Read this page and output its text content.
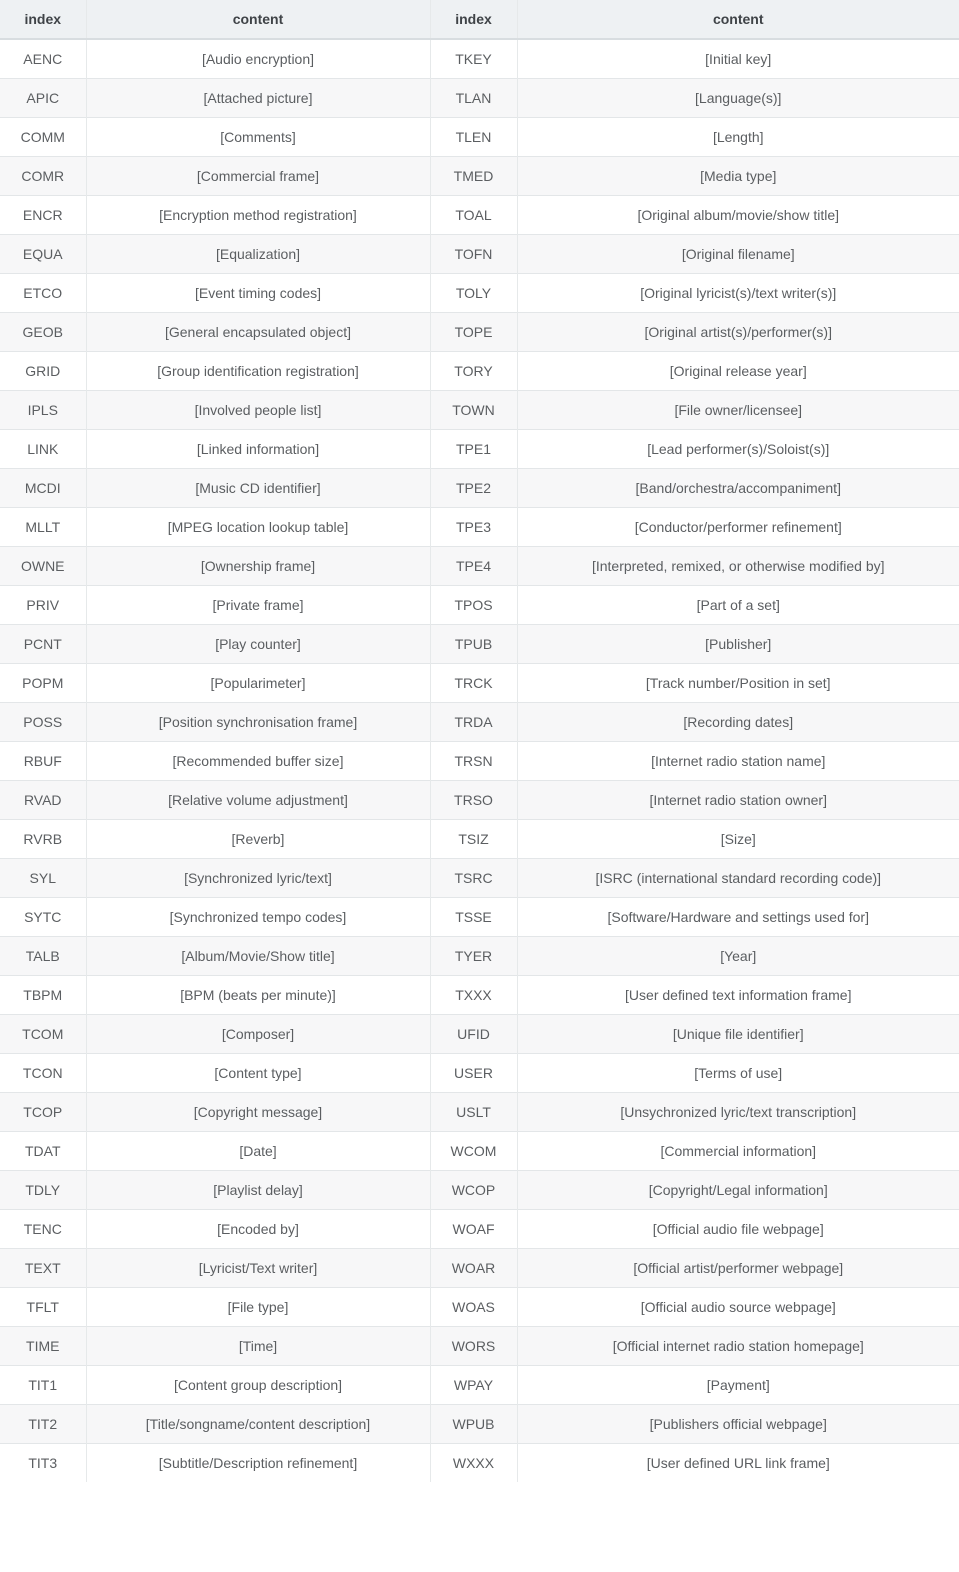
index	content	index	content
AENC	[Audio encryption]	TKEY	[Initial key]
APIC	[Attached picture]	TLAN	[Language(s)]
COMM	[Comments]	TLEN	[Length]
COMR	[Commercial frame]	TMED	[Media type]
ENCR	[Encryption method registration]	TOAL	[Original album/movie/show title]
EQUA	[Equalization]	TOFN	[Original filename]
ETCO	[Event timing codes]	TOLY	[Original lyricist(s)/text writer(s)]
GEOB	[General encapsulated object]	TOPE	[Original artist(s)/performer(s)]
GRID	[Group identification registration]	TORY	[Original release year]
IPLS	[Involved people list]	TOWN	[File owner/licensee]
LINK	[Linked information]	TPE1	[Lead performer(s)/Soloist(s)]
MCDI	[Music CD identifier]	TPE2	[Band/orchestra/accompaniment]
MLLT	[MPEG location lookup table]	TPE3	[Conductor/performer refinement]
OWNE	[Ownership frame]	TPE4	[Interpreted, remixed, or otherwise modified by]
PRIV	[Private frame]	TPOS	[Part of a set]
PCNT	[Play counter]	TPUB	[Publisher]
POPM	[Popularimeter]	TRCK	[Track number/Position in set]
POSS	[Position synchronisation frame]	TRDA	[Recording dates]
RBUF	[Recommended buffer size]	TRSN	[Internet radio station name]
RVAD	[Relative volume adjustment]	TRSO	[Internet radio station owner]
RVRB	[Reverb]	TSIZ	[Size]
SYL	[Synchronized lyric/text]	TSRC	[ISRC (international standard recording code)]
SYTC	[Synchronized tempo codes]	TSSE	[Software/Hardware and settings used for]
TALB	[Album/Movie/Show title]	TYER	[Year]
TBPM	[BPM (beats per minute)]	TXXX	[User defined text information frame]
TCOM	[Composer]	UFID	[Unique file identifier]
TCON	[Content type]	USER	[Terms of use]
TCOP	[Copyright message]	USLT	[Unsychronized lyric/text transcription]
TDAT	[Date]	WCOM	[Commercial information]
TDLY	[Playlist delay]	WCOP	[Copyright/Legal information]
TENC	[Encoded by]	WOAF	[Official audio file webpage]
TEXT	[Lyricist/Text writer]	WOAR	[Official artist/performer webpage]
TFLT	[File type]	WOAS	[Official audio source webpage]
TIME	[Time]	WORS	[Official internet radio station homepage]
TIT1	[Content group description]	WPAY	[Payment]
TIT2	[Title/songname/content description]	WPUB	[Publishers official webpage]
TIT3	[Subtitle/Description refinement]	WXXX	[User defined URL link frame]
